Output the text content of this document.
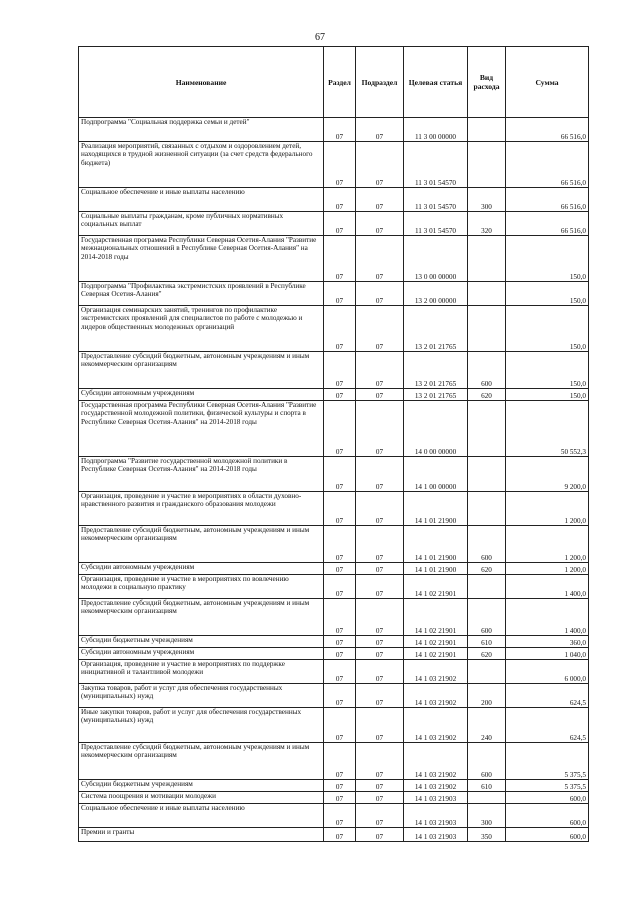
67
Наименование	Раздел	Подраздел	Целевая статья	Вид расхода	Сумма
Подпрограмма "Социальная поддержка семьи и детей"	07	07	11 3 00 00000		66 516,0
Реализация мероприятий, связанных с отдыхом и оздоровлением детей, находящихся в трудной жизненной ситуации (за счет средств федерального бюджета)	07	07	11 3 01 54570		66 516,0
Социальное обеспечение и иные выплаты населению	07	07	11 3 01 54570	300	66 516,0
Социальные выплаты гражданам, кроме публичных нормативных социальных выплат	07	07	11 3 01 54570	320	66 516,0
Государственная программа Республики Северная Осетия-Алания "Развитие межнациональных отношений в Республике Северная Осетия-Алания" на 2014-2018 годы	07	07	13 0 00 00000		150,0
Подпрограмма "Профилактика экстремистских проявлений в Республике Северная Осетия-Алания"	07	07	13 2 00 00000		150,0
Организация семинарских занятий, тренингов по профилактике экстремистских проявлений для специалистов по работе с молодежью и лидеров общественных молодежных организаций	07	07	13 2 01 21765		150,0
Предоставление субсидий бюджетным, автономным учреждениям и иным некоммерческим организациям	07	07	13 2 01 21765	600	150,0
Субсидии автономным учреждениям	07	07	13 2 01 21765	620	150,0
Государственная программа Республики Северная Осетия-Алания "Развитие государственной молодежной политики, физической культуры и спорта в Республике Северная Осетия-Алания" на 2014-2018 годы	07	07	14 0 00 00000		50 552,3
Подпрограмма "Развитие государственной молодежной политики в Республике Северная Осетия-Алания" на 2014-2018 годы	07	07	14 1 00 00000		9 200,0
Организация, проведение и участие в мероприятиях в области духовно-нравственного развития и гражданского образования молодежи	07	07	14 1 01 21900		1 200,0
Предоставление субсидий бюджетным, автономным учреждениям и иным некоммерческим организациям	07	07	14 1 01 21900	600	1 200,0
Субсидии автономным учреждениям	07	07	14 1 01 21900	620	1 200,0
Организация, проведение и участие в мероприятиях по вовлечению молодежи в социальную практику	07	07	14 1 02 21901		1 400,0
Предоставление субсидий бюджетным, автономным учреждениям и иным некоммерческим организациям	07	07	14 1 02 21901	600	1 400,0
Субсидии бюджетным учреждениям	07	07	14 1 02 21901	610	360,0
Субсидии автономным учреждениям	07	07	14 1 02 21901	620	1 040,0
Организация, проведение и участие в мероприятиях по поддержке инициативной и талантливой молодежи	07	07	14 1 03 21902		6 000,0
Закупка товаров, работ и услуг для обеспечения государственных (муниципальных) нужд	07	07	14 1 03 21902	200	624,5
Иные закупки товаров, работ и услуг для обеспечения государственных (муниципальных) нужд	07	07	14 1 03 21902	240	624,5
Предоставление субсидий бюджетным, автономным учреждениям и иным некоммерческим организациям	07	07	14 1 03 21902	600	5 375,5
Субсидии бюджетным учреждениям	07	07	14 1 03 21902	610	5 375,5
Система поощрения и мотивации молодежи	07	07	14 1 03 21903		600,0
Социальное обеспечение и иные выплаты населению	07	07	14 1 03 21903	300	600,0
Премии и гранты	07	07	14 1 03 21903	350	600,0
